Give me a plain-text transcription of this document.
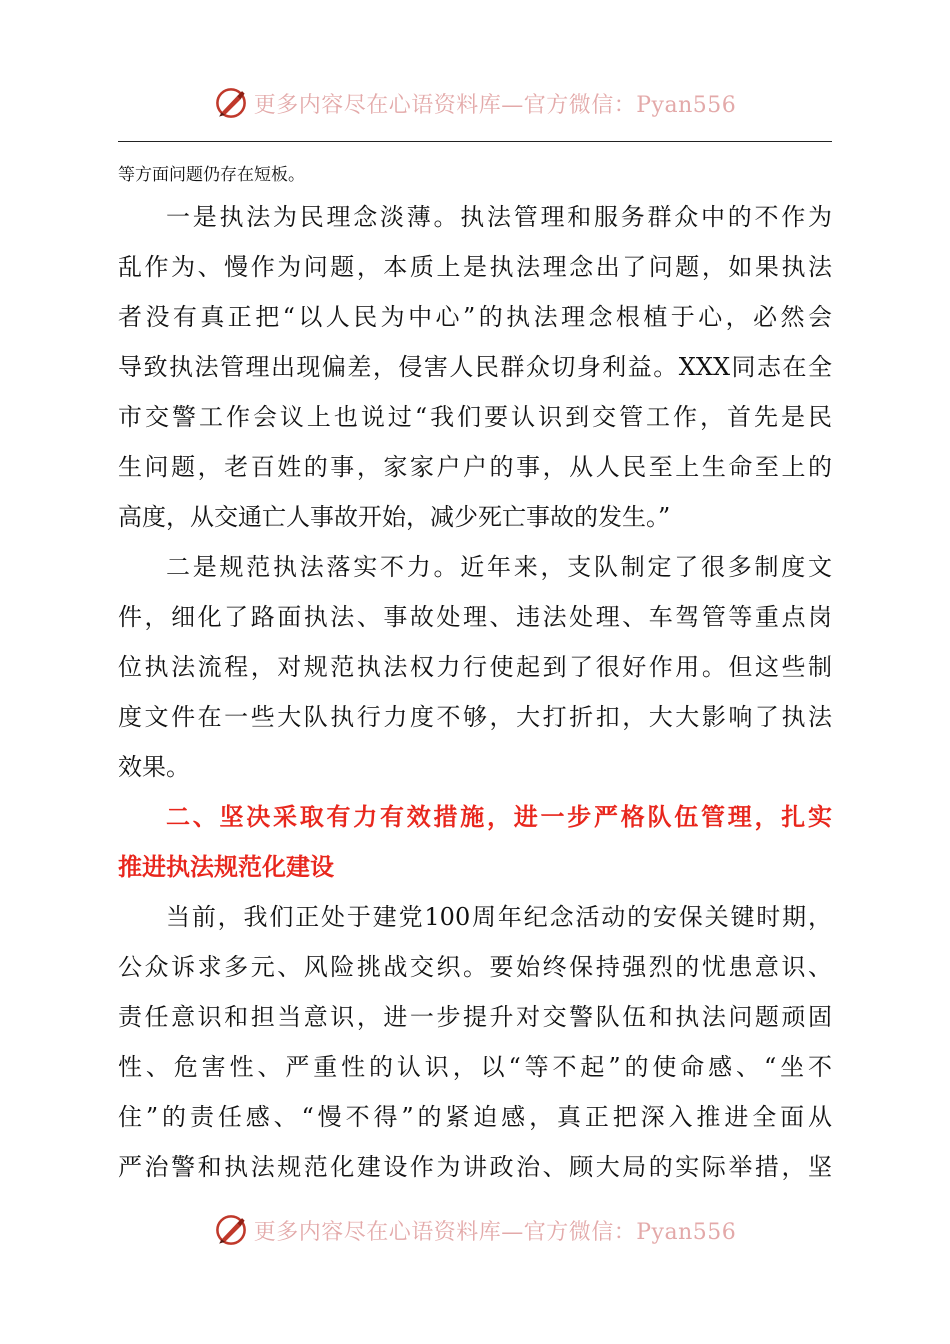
更多内容尽在心语资料库—官方微信：Pyan556
等方面问题仍存在短板。
一是执法为民理念淡薄。执法管理和服务群众中的不作为
乱作为、慢作为问题，本质上是执法理念出了问题，如果执法
者没有真正把“以人民为中心”的执法理念根植于心，必然会
导致执法管理出现偏差，侵害人民群众切身利益。XXX同志在全
市交警工作会议上也说过“我们要认识到交管工作，首先是民
生问题，老百姓的事，家家户户的事，从人民至上生命至上的
高度，从交通亡人事故开始，减少死亡事故的发生。”
二是规范执法落实不力。近年来，支队制定了很多制度文
件，细化了路面执法、事故处理、违法处理、车驾管等重点岗
位执法流程，对规范执法权力行使起到了很好作用。但这些制
度文件在一些大队执行力度不够，大打折扣，大大影响了执法
效果。
二、坚决采取有力有效措施，进一步严格队伍管理，扎实
推进执法规范化建设
当前，我们正处于建党100周年纪念活动的安保关键时期，
公众诉求多元、风险挑战交织。要始终保持强烈的忧患意识、
责任意识和担当意识，进一步提升对交警队伍和执法问题顽固
性、危害性、严重性的认识，以“等不起”的使命感、“坐不
住”的责任感、“慢不得”的紧迫感，真正把深入推进全面从
严治警和执法规范化建设作为讲政治、顾大局的实际举措，坚
更多内容尽在心语资料库—官方微信：Pyan556
